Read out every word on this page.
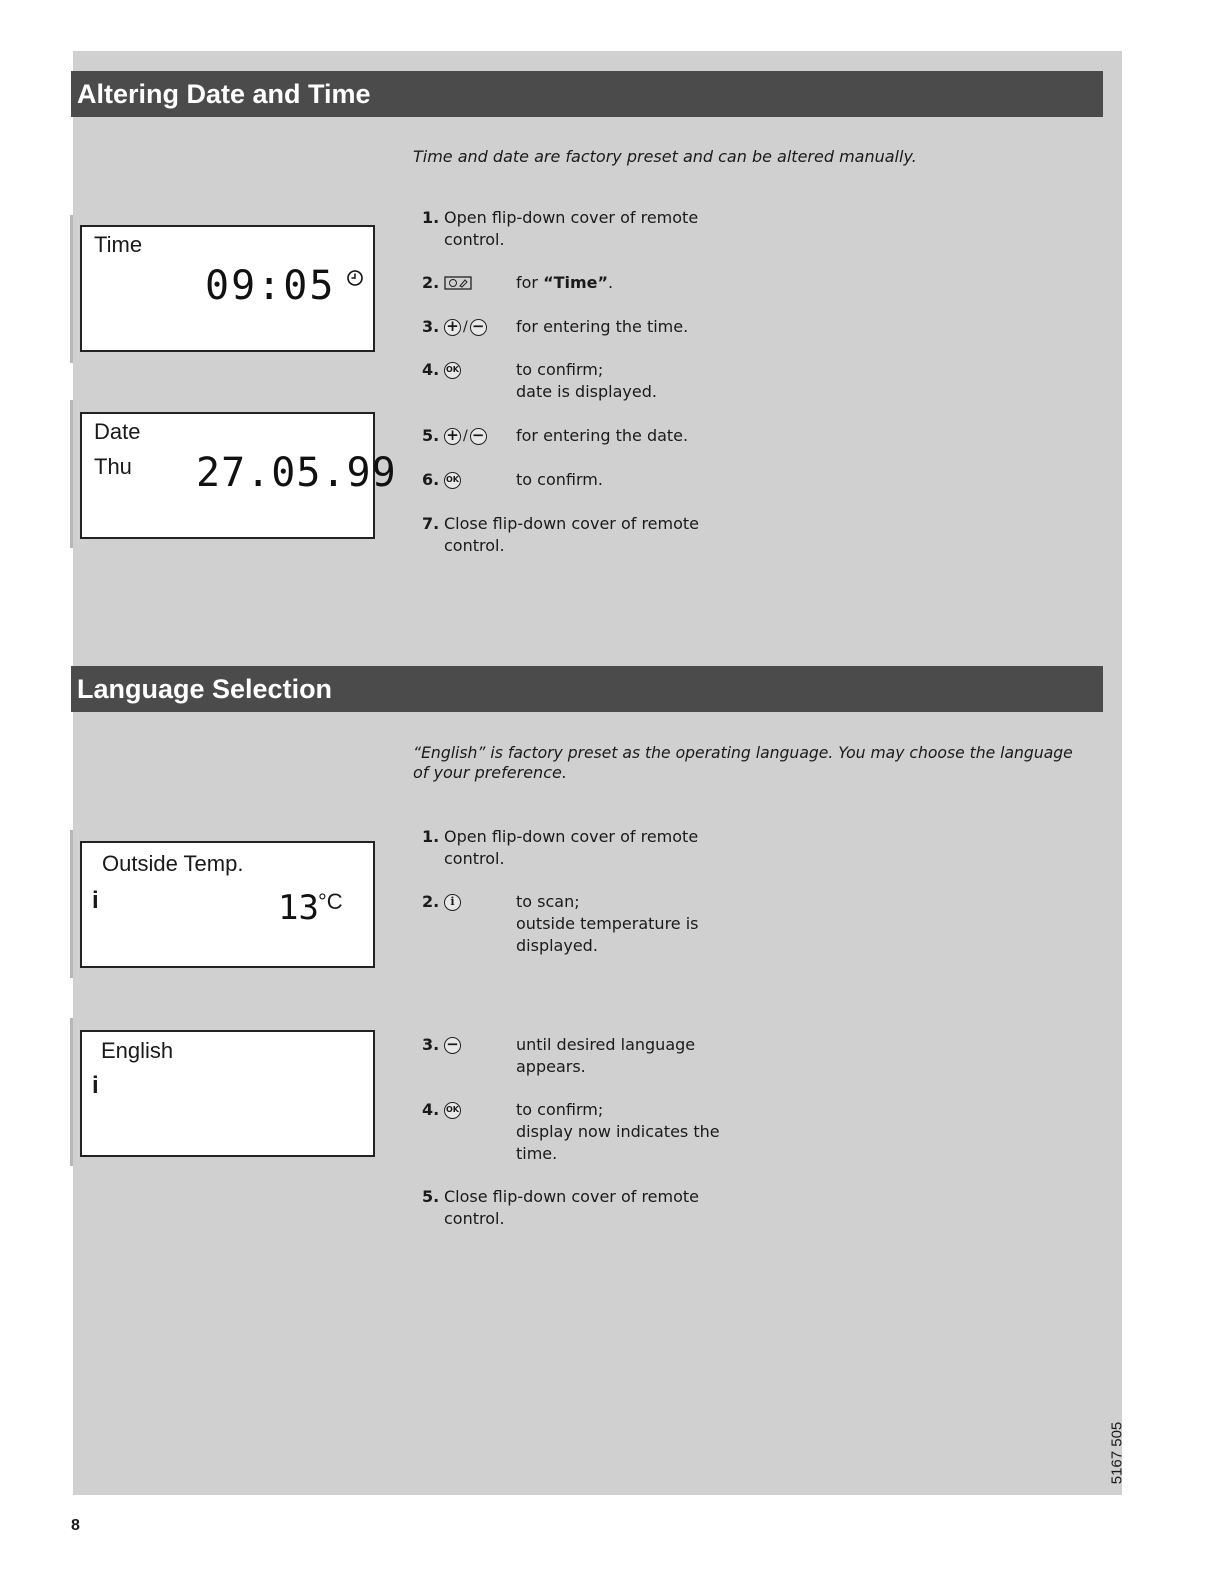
Altering Date and Time
Time and date are factory preset and can be altered manually.
Time
09:05
Date
Thu 27.05.99
1. Open flip-down cover of remote
control.
2.	for “Time”.
3. + / − for entering the time.
4. OK	to confirm;
date is displayed.
5. + / − for entering the date.
6. OK	to confirm.
7. Close flip-down cover of remote
control.
Language Selection
“English” is factory preset as the operating language. You may choose the language
of your preference.
Outside Temp.
i	13 °C
English
i
1. Open flip-down cover of remote
control.
2.	i	to scan;
outside temperature is
displayed.
3. −	until desired language
appears.
4. OK	to confirm;
display now indicates the
time.
5. Close flip-down cover of remote
control.
5167 505
8
